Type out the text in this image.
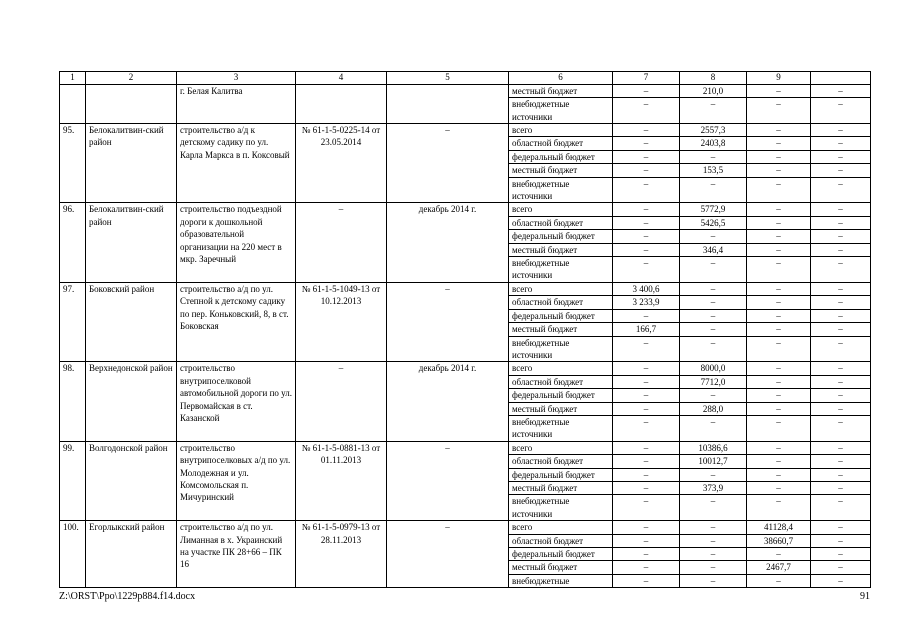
1	2	3	4	5	6	7	8	9	
		г. Белая Калитва			местный бюджет	–	210,0	–	–
					внебюджетные источники	–	–	–	–
95.	Белокалитвин-ский район	строительство а/д к детскому садику по ул. Карла Маркса в п. Коксовый	№ 61-1-5-0225-14 от 23.05.2014	–	всего	–	2557,3	–	–
					областной бюджет	–	2403,8	–	–
					федеральный бюджет	–	–	–	–
					местный бюджет	–	153,5	–	–
					внебюджетные источники	–	–	–	–
96.	Белокалитвин-ский район	строительство подъездной дороги к дошкольной образовательной организации на 220 мест в мкр. Заречный	–	декабрь 2014 г.	всего	–	5772,9	–	–
					областной бюджет	–	5426,5	–	–
					федеральный бюджет	–	–	–	–
					местный бюджет	–	346,4	–	–
					внебюджетные источники	–	–	–	–
97.	Боковский район	строительство а/д по ул. Степной к детскому садику по пер. Коньковский, 8, в ст. Боковская	№ 61-1-5-1049-13 от 10.12.2013	–	всего	3 400,6	–	–	–
					областной бюджет	3 233,9	–	–	–
					федеральный бюджет	–	–	–	–
					местный бюджет	166,7	–	–	–
					внебюджетные источники	–	–	–	–
98.	Верхнедонской район	строительство внутрипоселковой автомобильной дороги по ул. Первомайская в ст. Казанской	–	декабрь 2014 г.	всего	–	8000,0	–	–
					областной бюджет	–	7712,0	–	–
					федеральный бюджет	–	–	–	–
					местный бюджет	–	288,0	–	–
					внебюджетные источники	–	–	–	–
99.	Волгодонской район	строительство внутрипоселковых а/д по ул. Молодежная и ул. Комсомольская п. Мичуринский	№ 61-1-5-0881-13 от 01.11.2013	–	всего	–	10386,6	–	–
					областной бюджет	–	10012,7	–	–
					федеральный бюджет	–	–	–	–
					местный бюджет	–	373,9	–	–
					внебюджетные источники	–	–	–	–
100.	Егорлыкский район	строительство а/д по ул. Лиманная в х. Украинский на участке ПК 28+66 – ПК 16	№ 61-1-5-0979-13 от 28.11.2013	–	всего	–	–	41128,4	–
					областной бюджет	–	–	38660,7	–
					федеральный бюджет	–	–	–	–
					местный бюджет	–	–	2467,7	–
					внебюджетные	–	–	–	–
Z:\ORST\Ppo\1229p884.f14.docx	91
